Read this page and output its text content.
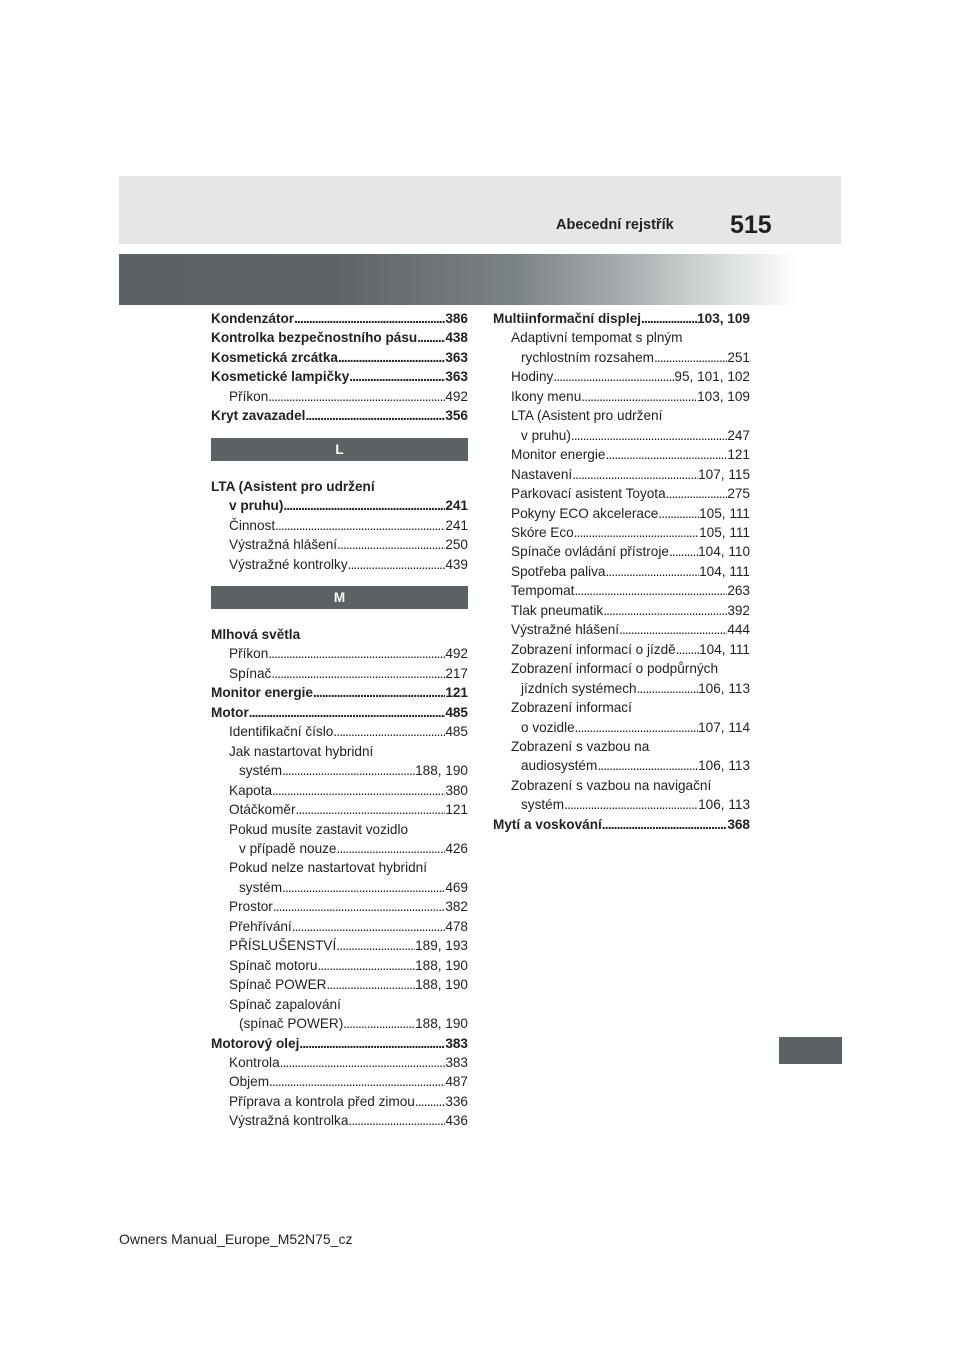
Abecední rejstřík 515
Kondenzátor . . .	386
Kontrolka bezpečnostního pásu . . . 438
Kosmetická zrcátka . . .	363
Kosmetické lampičky . . .	363
Příkon . . .	492
Kryt zavazadel . . .	356
L
LTA (Asistent pro udržení
v pruhu) . . .	241
Činnost . . .	241
Výstražná hlášení . . .	250
Výstražné kontrolky . . .	439
M
Mlhová světla
Příkon . . .	492
Spínač . . .	217
Monitor energie . . .	121
Motor . . .	485
Identifikační číslo . . .	485
Jak nastartovat hybridní
systém . . .	188, 190
Kapota . . .	380
Otáčkoměr . . .	121
Pokud musíte zastavit vozidlo
v případě nouze . . .	426
Pokud nelze nastartovat hybridní
systém . . .	469
Prostor . . .	382
Přehřívání . . .	478
PŘÍSLUŠENSTVÍ . . .	189, 193
Spínač motoru . . .	188, 190
Spínač POWER . . .	188, 190
Spínač zapalování
(spínač POWER) . . .	188, 190
Motorový olej . . .	383
Kontrola . . .	383
Objem . . .	487
Příprava a kontrola před zimou . . . 336
Výstražná kontrolka . . .	436
Multiinformační displej . . .	103, 109
Adaptivní tempomat s plným
rychlostním rozsahem . . .	251
Hodiny . . .	95, 101, 102
Ikony menu . . .	103, 109
LTA (Asistent pro udržení
v pruhu) . . .	247
Monitor energie . . .	121
Nastavení . . .	107, 115
Parkovací asistent Toyota . . .	275
Pokyny ECO akcelerace . . .	105, 111
Skóre Eco . . .	105, 111
Spínače ovládání přístroje . . . 104, 110
Spotřeba paliva . . .	104, 111
Tempomat . . .	263
Tlak pneumatik . . .	392
Výstražné hlášení . . .	444
Zobrazení informací o jízdě . . . 104, 111
Zobrazení informací o podpůrných
jízdních systémech . . .	106, 113
Zobrazení informací
o vozidle . . .	107, 114
Zobrazení s vazbou na
audiosystém . . .	106, 113
Zobrazení s vazbou na navigační
systém . . .	106, 113
Mytí a voskování . . .	368
Owners Manual_Europe_M52N75_cz
